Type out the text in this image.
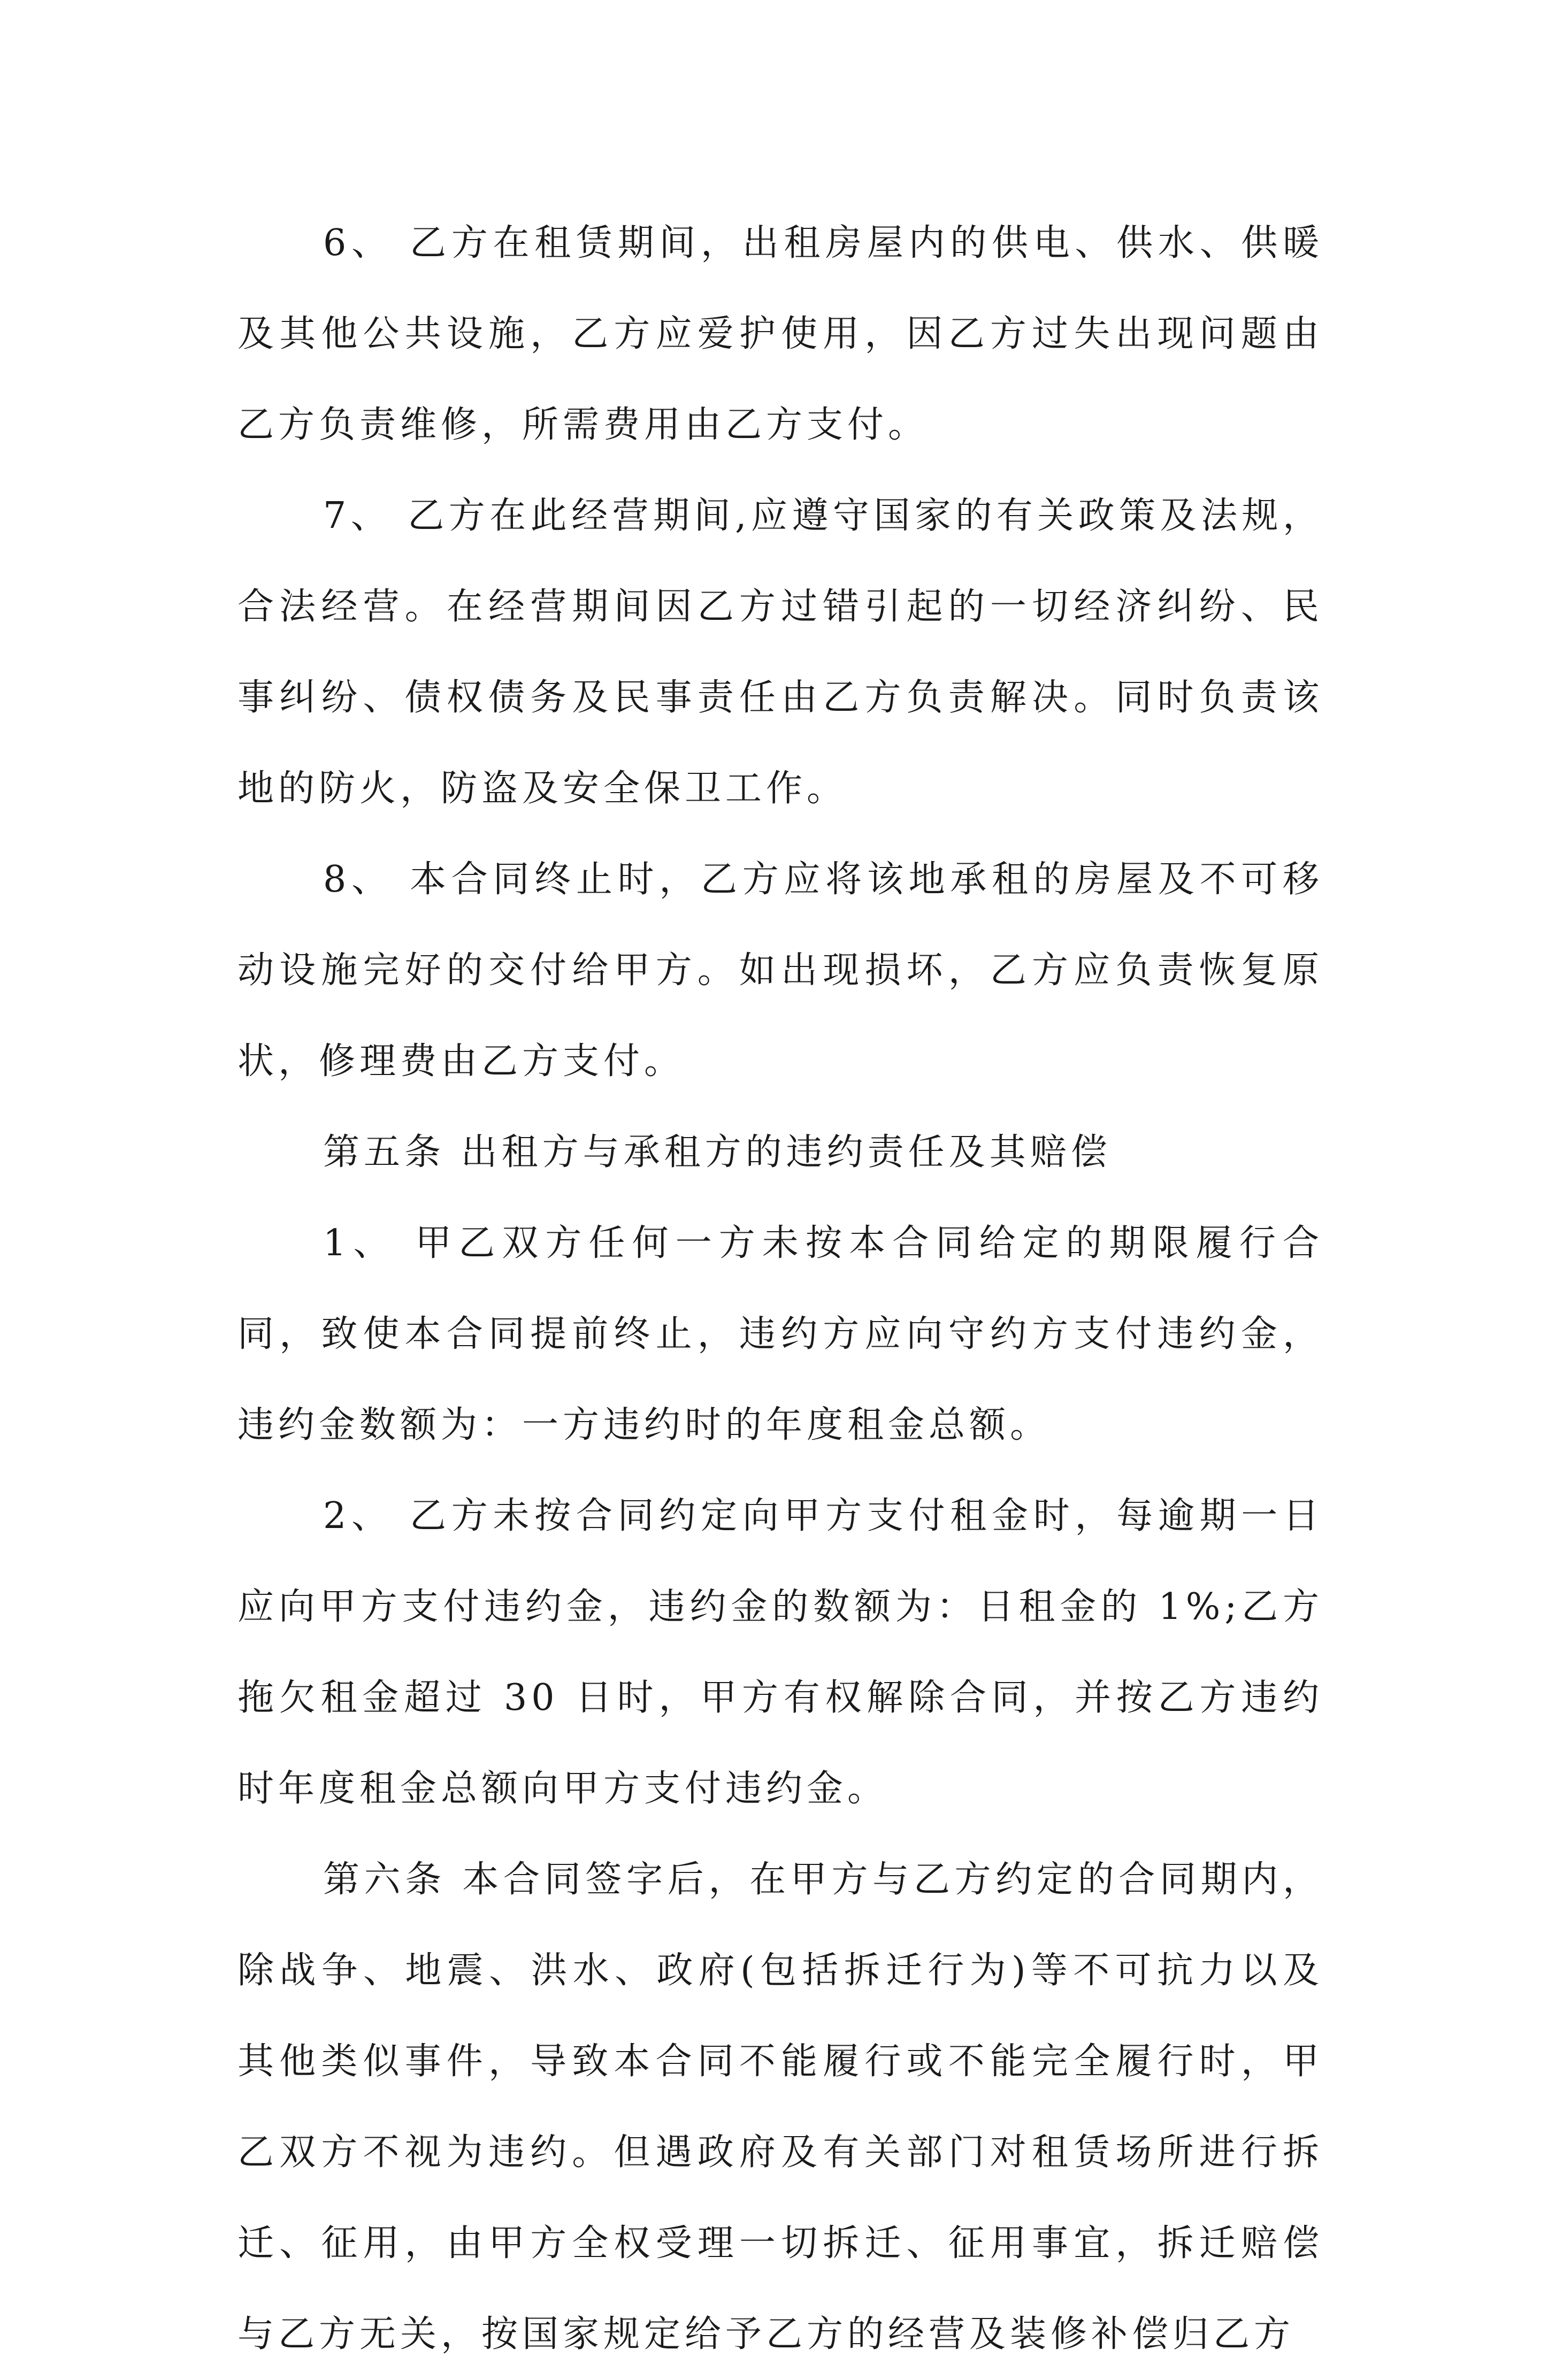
6、 乙方在租赁期间，出租房屋内的供电、供水、供暖及其他公共设施，乙方应爱护使用，因乙方过失出现问题由乙方负责维修，所需费用由乙方支付。

7、 乙方在此经营期间,应遵守国家的有关政策及法规，合法经营。在经营期间因乙方过错引起的一切经济纠纷、民事纠纷、债权债务及民事责任由乙方负责解决。同时负责该地的防火，防盗及安全保卫工作。

8、 本合同终止时，乙方应将该地承租的房屋及不可移动设施完好的交付给甲方。如出现损坏，乙方应负责恢复原状，修理费由乙方支付。

第五条 出租方与承租方的违约责任及其赔偿

1、 甲乙双方任何一方未按本合同给定的期限履行合同，致使本合同提前终止，违约方应向守约方支付违约金，违约金数额为：一方违约时的年度租金总额。

2、 乙方未按合同约定向甲方支付租金时，每逾期一日应向甲方支付违约金，违约金的数额为：日租金的 1%;乙方拖欠租金超过 30 日时，甲方有权解除合同，并按乙方违约时年度租金总额向甲方支付违约金。

第六条 本合同签字后，在甲方与乙方约定的合同期内，除战争、地震、洪水、政府(包括拆迁行为)等不可抗力以及其他类似事件，导致本合同不能履行或不能完全履行时，甲乙双方不视为违约。但遇政府及有关部门对租赁场所进行拆迁、征用，由甲方全权受理一切拆迁、征用事宜，拆迁赔偿与乙方无关，按国家规定给予乙方的经营及装修补偿归乙方
